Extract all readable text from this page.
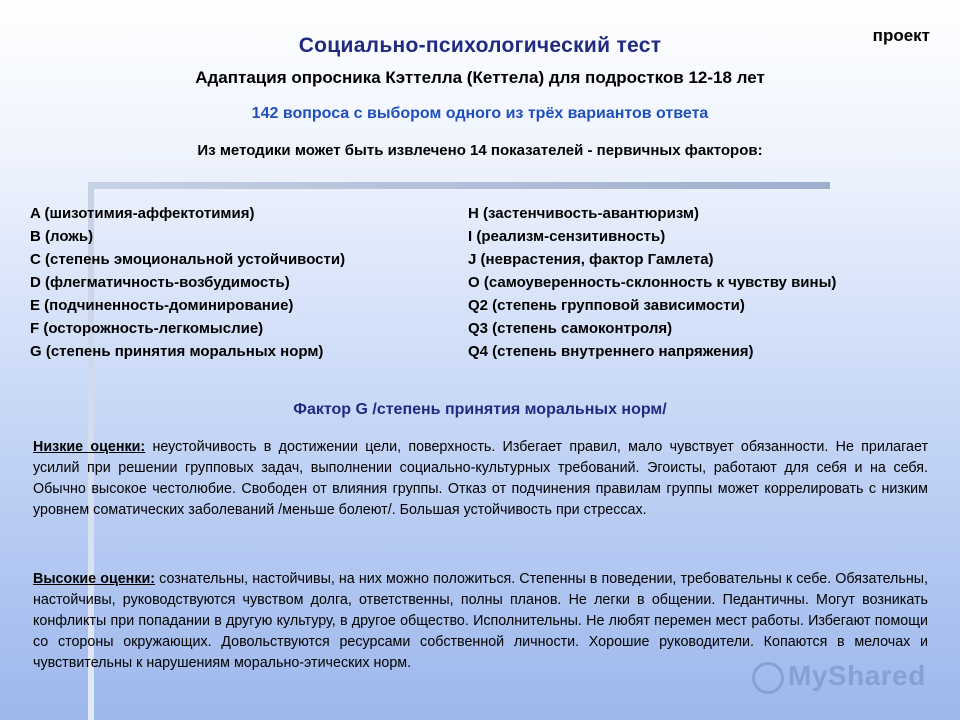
проект
Социально-психологический тест
Адаптация опросника Кэттелла (Кеттела) для подростков 12-18 лет
142 вопроса с выбором одного из трёх вариантов ответа
Из методики может быть извлечено 14 показателей - первичных факторов:
A (шизотимия-аффектотимия)
B (ложь)
C (степень эмоциональной устойчивости)
D (флегматичность-возбудимость)
E (подчиненность-доминирование)
F (осторожность-легкомыслие)
G (степень принятия моральных норм)
H (застенчивость-авантюризм)
I (реализм-сензитивность)
J (неврастения, фактор Гамлета)
O (самоуверенность-склонность к чувству вины)
Q2 (степень групповой зависимости)
Q3 (степень самоконтроля)
Q4 (степень внутреннего напряжения)
Фактор G /степень принятия моральных норм/
Низкие оценки: неустойчивость в достижении цели, поверхность. Избегает правил, мало чувствует обязанности. Не прилагает усилий при решении групповых задач, выполнении социально-культурных требований. Эгоисты, работают для себя и на себя. Обычно высокое честолюбие. Свободен от влияния группы. Отказ от подчинения правилам группы может коррелировать с низким уровнем соматических заболеваний /меньше болеют/. Большая устойчивость при стрессах.
Высокие оценки: сознательны, настойчивы, на них можно положиться. Степенны в поведении, требовательны к себе. Обязательны, настойчивы, руководствуются чувством долга, ответственны, полны планов. Не легки в общении. Педантичны. Могут возникать конфликты при попадании в другую культуру, в другое общество. Исполнительны. Не любят перемен мест работы. Избегают помощи со стороны окружающих. Довольствуются ресурсами собственной личности. Хорошие руководители. Копаются в мелочах и чувствительны к нарушениям морально-этических норм.	MyShared
